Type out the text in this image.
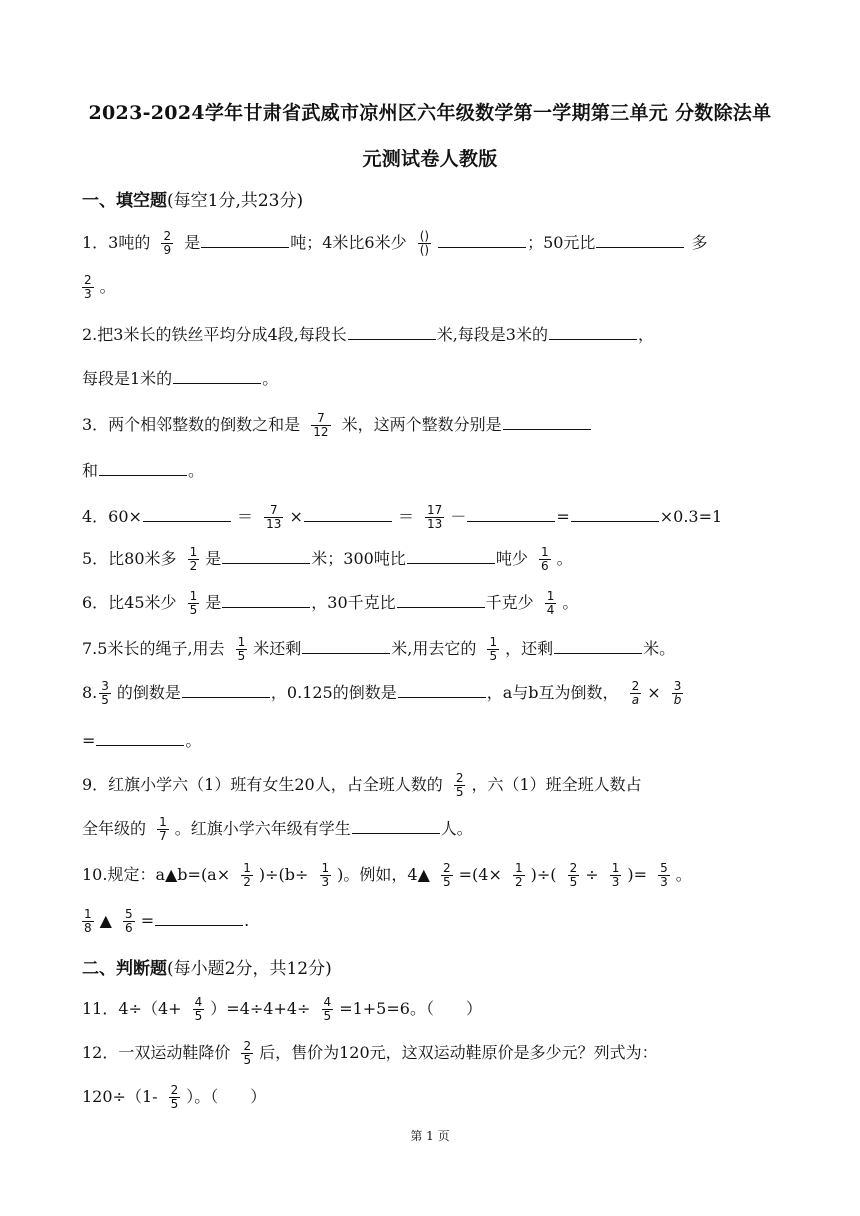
2023-2024学年甘肃省武威市凉州区六年级数学第一学期第三单元 分数除法单
元测试卷人教版
一、填空题(每空1分,共23分)
1．3吨的 $\frac{2}{9}$ 是	吨；4米比6米少 $\frac{()}{()}$	；50元比	多
$\frac{2}{3}$ 。
2.把3米长的铁丝平均分成4段,每段长	米,每段是3米的	，
每段是1米的	。
3．两个相邻整数的倒数之和是 $\frac{7}{12}$ 米，这两个整数分别是
和	。
4．60×	＝ $\frac{7}{13}$ ×	＝ $\frac{17}{13}$ －	=	×0.3=1
5．比80米多 $\frac{1}{2}$ 是	米；300吨比	吨少 $\frac{1}{6}$ 。
6．比45米少 $\frac{1}{5}$ 是	，30千克比	千克少 $\frac{1}{4}$ 。
7.5米长的绳子,用去 $\frac{1}{5}$ 米还剩	米,用去它的 $\frac{1}{5}$ ，还剩	米。
8. $\frac{3}{5}$ 的倒数是	，0.125的倒数是	，a与b互为倒数， $\frac{2}{a} \times \frac{3}{b}$
=	。
9．红旗小学六（1）班有女生20人，占全班人数的 $\frac{2}{5}$ ，六（1）班全班人数占
全年级的 $\frac{1}{7}$ 。红旗小学六年级有学生	人。
10.规定：a▲b=(a× $\frac{1}{2} )\div(b\div \frac{1}{3}$ )。例如，4▲ $\frac{2}{5} =(4\times \frac{1}{2}$ )÷( $\frac{2}{5} \div \frac{1}{3}$ )= $\frac{5}{3}$ 。
$\frac{1}{8}$ ▲ $\frac{5}{6}$ =	.
二、判断题(每小题2分，共12分)
11．$4\div(4+ \frac{4}{5} )=4\div 4+4\div \frac{4}{5} =1+5=6$。（　　）
12．一双运动鞋降价 $\frac{2}{5}$ 后，售价为120元，这双运动鞋原价是多少元？列式为：
$120\div(1- \frac{2}{5}$ ）。（　　）
第 1 页
